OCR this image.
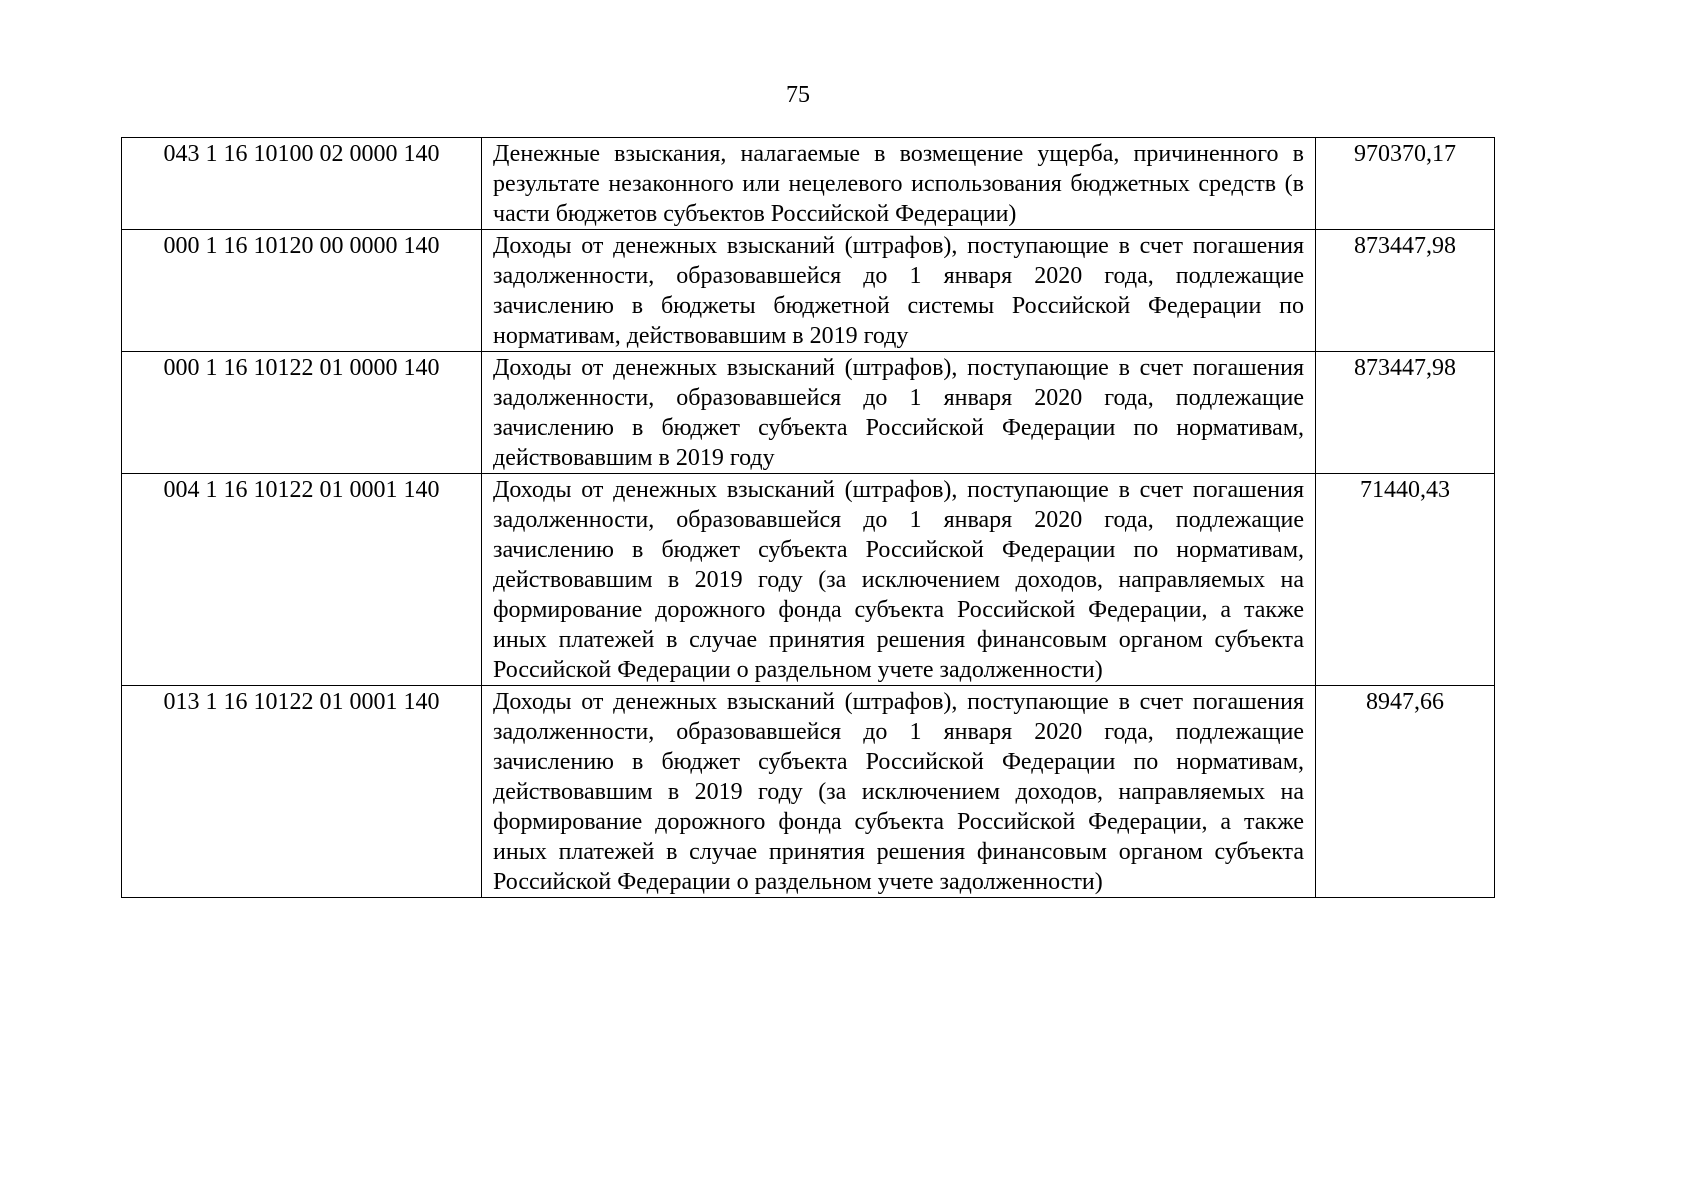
75
043 1 16 10100 02 0000 140	Денежные взыскания, налагаемые в возмещение ущерба, причиненного в результате незаконного или нецелевого использования бюджетных средств (в части бюджетов субъектов Российской Федерации)	970370,17
000 1 16 10120 00 0000 140	Доходы от денежных взысканий (штрафов), поступающие в счет погашения задолженности, образовавшейся до 1 января 2020 года, подлежащие зачислению в бюджеты бюджетной системы Российской Федерации по нормативам, действовавшим в 2019 году	873447,98
000 1 16 10122 01 0000 140	Доходы от денежных взысканий (штрафов), поступающие в счет погашения задолженности, образовавшейся до 1 января 2020 года, подлежащие зачислению в бюджет субъекта Российской Федерации по нормативам, действовавшим в 2019 году	873447,98
004 1 16 10122 01 0001 140	Доходы от денежных взысканий (штрафов), поступающие в счет погашения задолженности, образовавшейся до 1 января 2020 года, подлежащие зачислению в бюджет субъекта Российской Федерации по нормативам, действовавшим в 2019 году (за исключением доходов, направляемых на формирование дорожного фонда субъекта Российской Федерации, а также иных платежей в случае принятия решения финансовым органом субъекта Российской Федерации о раздельном учете задолженности)	71440,43
013 1 16 10122 01 0001 140	Доходы от денежных взысканий (штрафов), поступающие в счет погашения задолженности, образовавшейся до 1 января 2020 года, подлежащие зачислению в бюджет субъекта Российской Федерации по нормативам, действовавшим в 2019 году (за исключением доходов, направляемых на формирование дорожного фонда субъекта Российской Федерации, а также иных платежей в случае принятия решения финансовым органом субъекта Российской Федерации о раздельном учете задолженности)	8947,66
